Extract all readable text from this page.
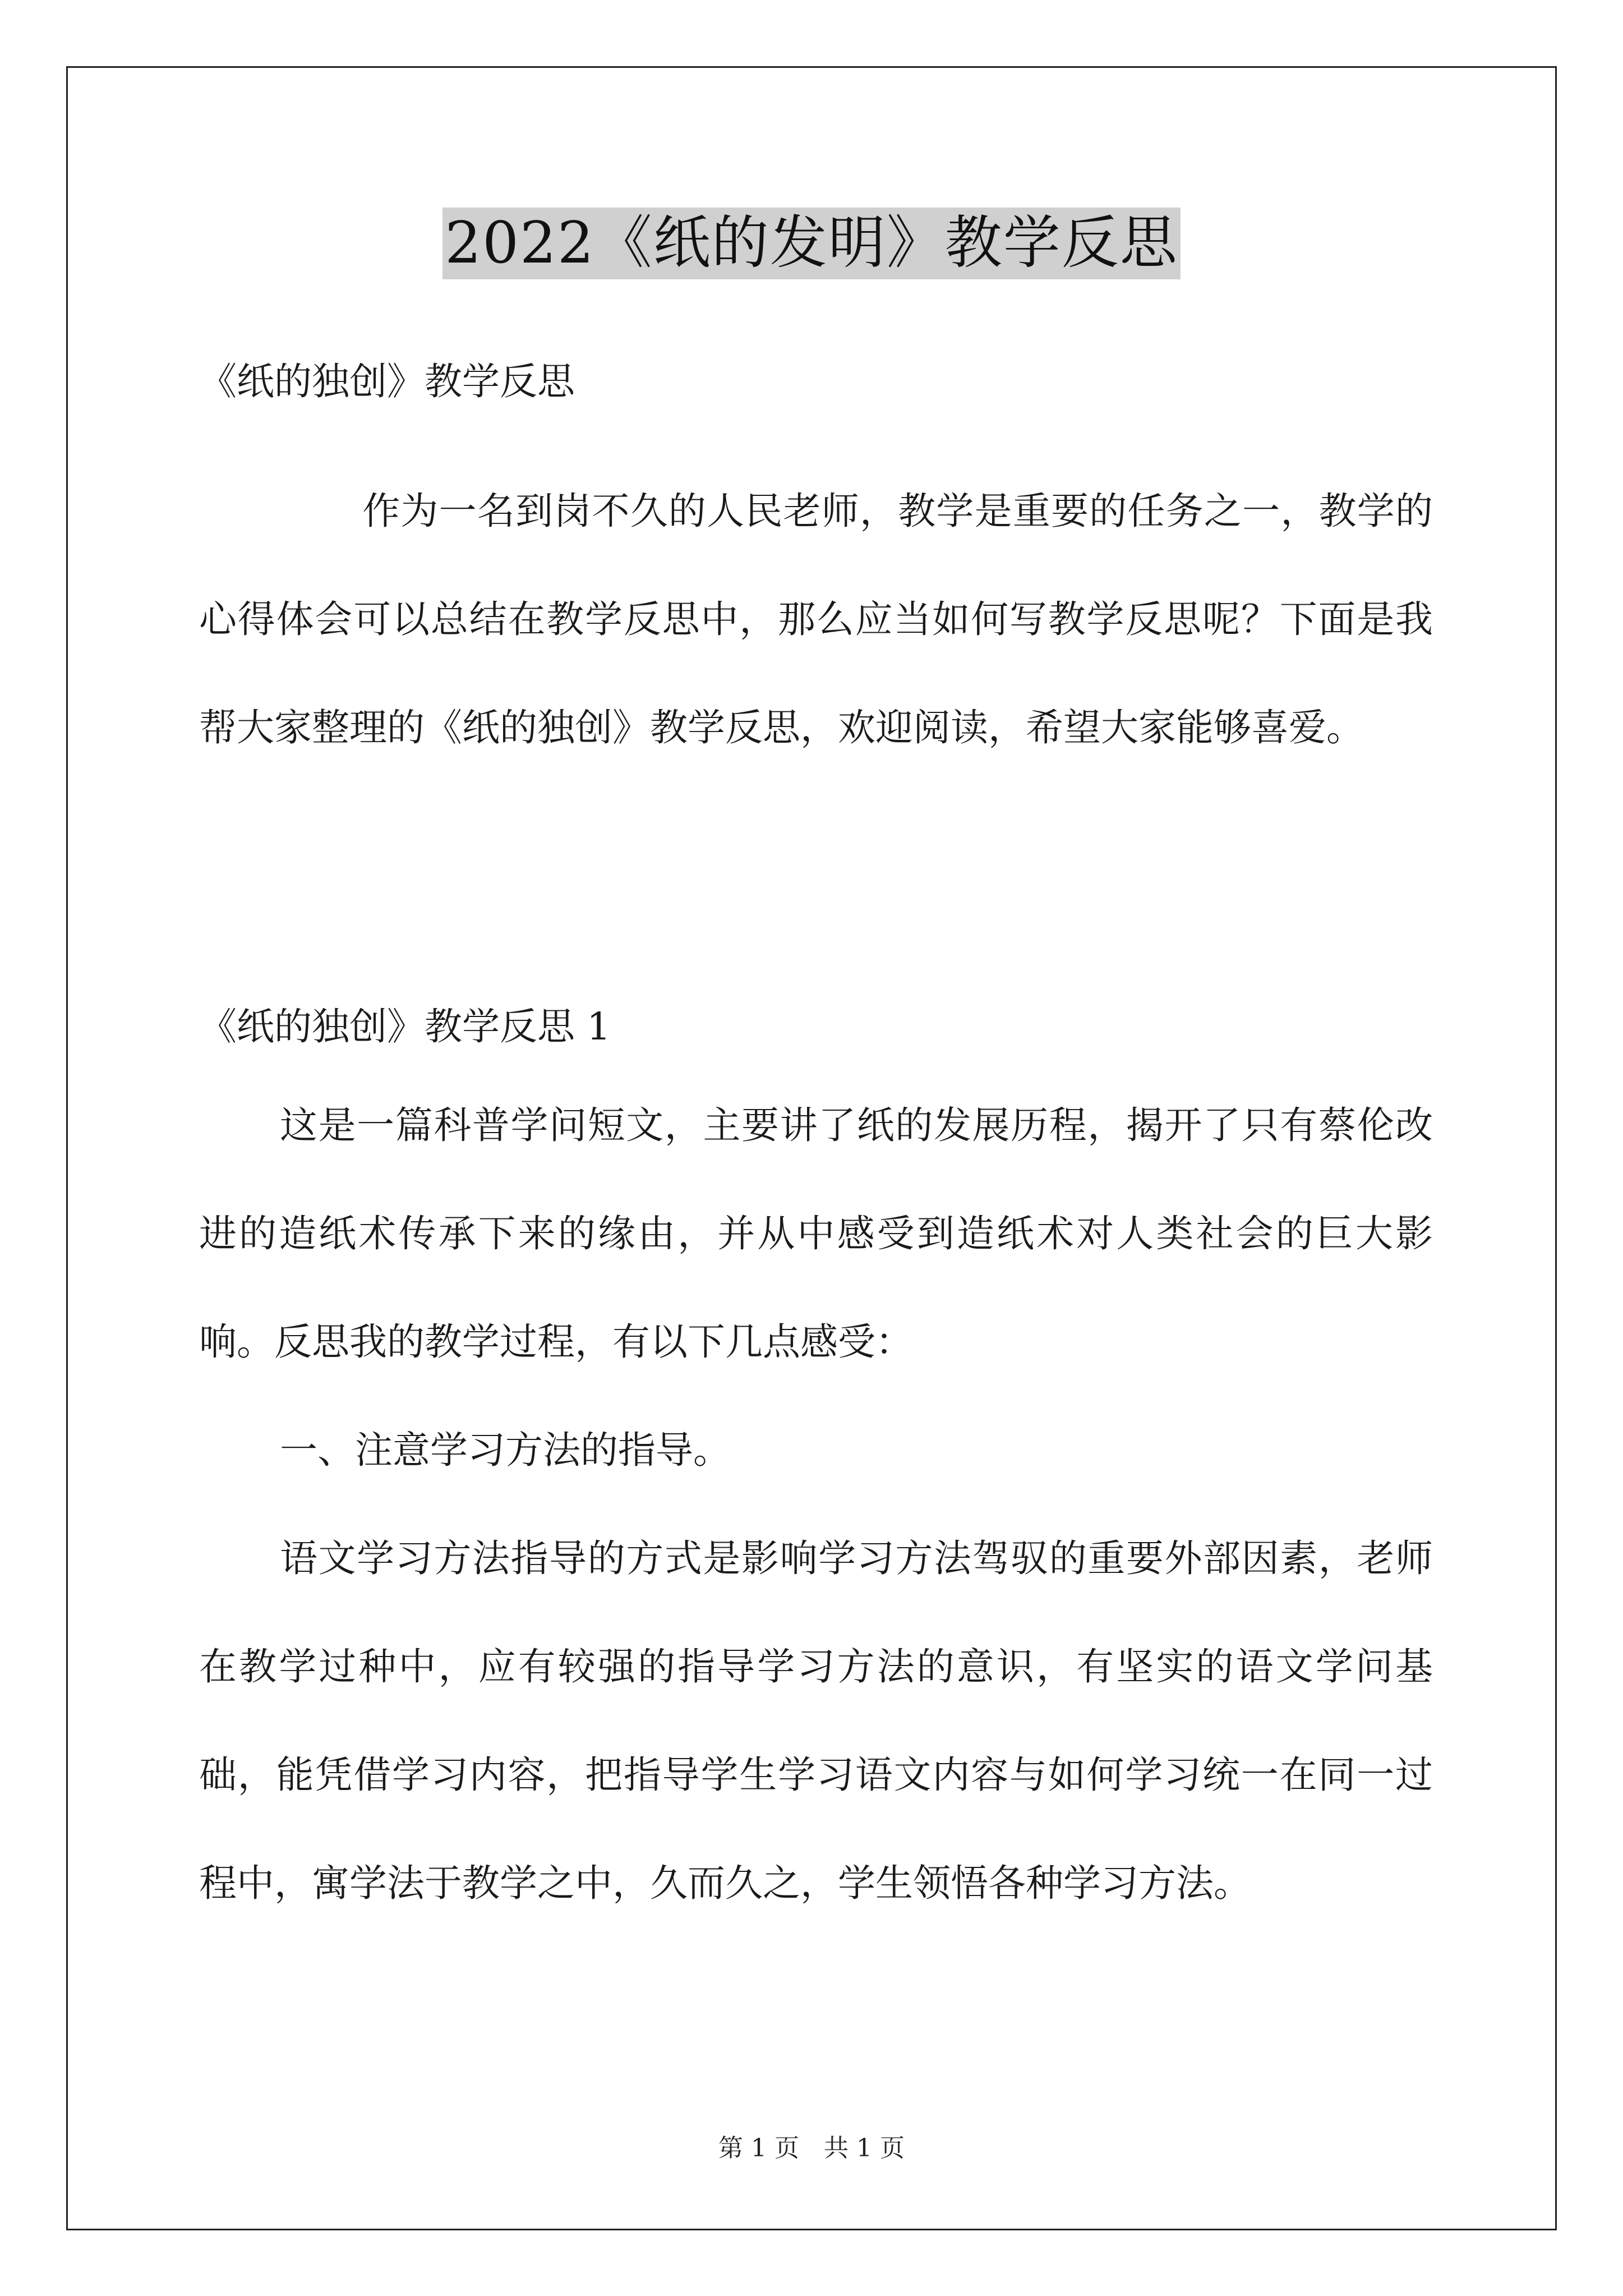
2022《纸的发明》教学反思
《纸的独创》教学反思
作为一名到岗不久的人民老师，教学是重要的任务之一，教学的心得体会可以总结在教学反思中，那么应当如何写教学反思呢？下面是我帮大家整理的《纸的独创》教学反思，欢迎阅读，希望大家能够喜爱。
《纸的独创》教学反思 1
这是一篇科普学问短文，主要讲了纸的发展历程，揭开了只有蔡伦改进的造纸术传承下来的缘由，并从中感受到造纸术对人类社会的巨大影响。反思我的教学过程，有以下几点感受：
一、注意学习方法的指导。
语文学习方法指导的方式是影响学习方法驾驭的重要外部因素，老师在教学过种中，应有较强的指导学习方法的意识，有坚实的语文学问基础，能凭借学习内容，把指导学生学习语文内容与如何学习统一在同一过程中，寓学法于教学之中，久而久之，学生领悟各种学习方法。
第 1 页　共 1 页
